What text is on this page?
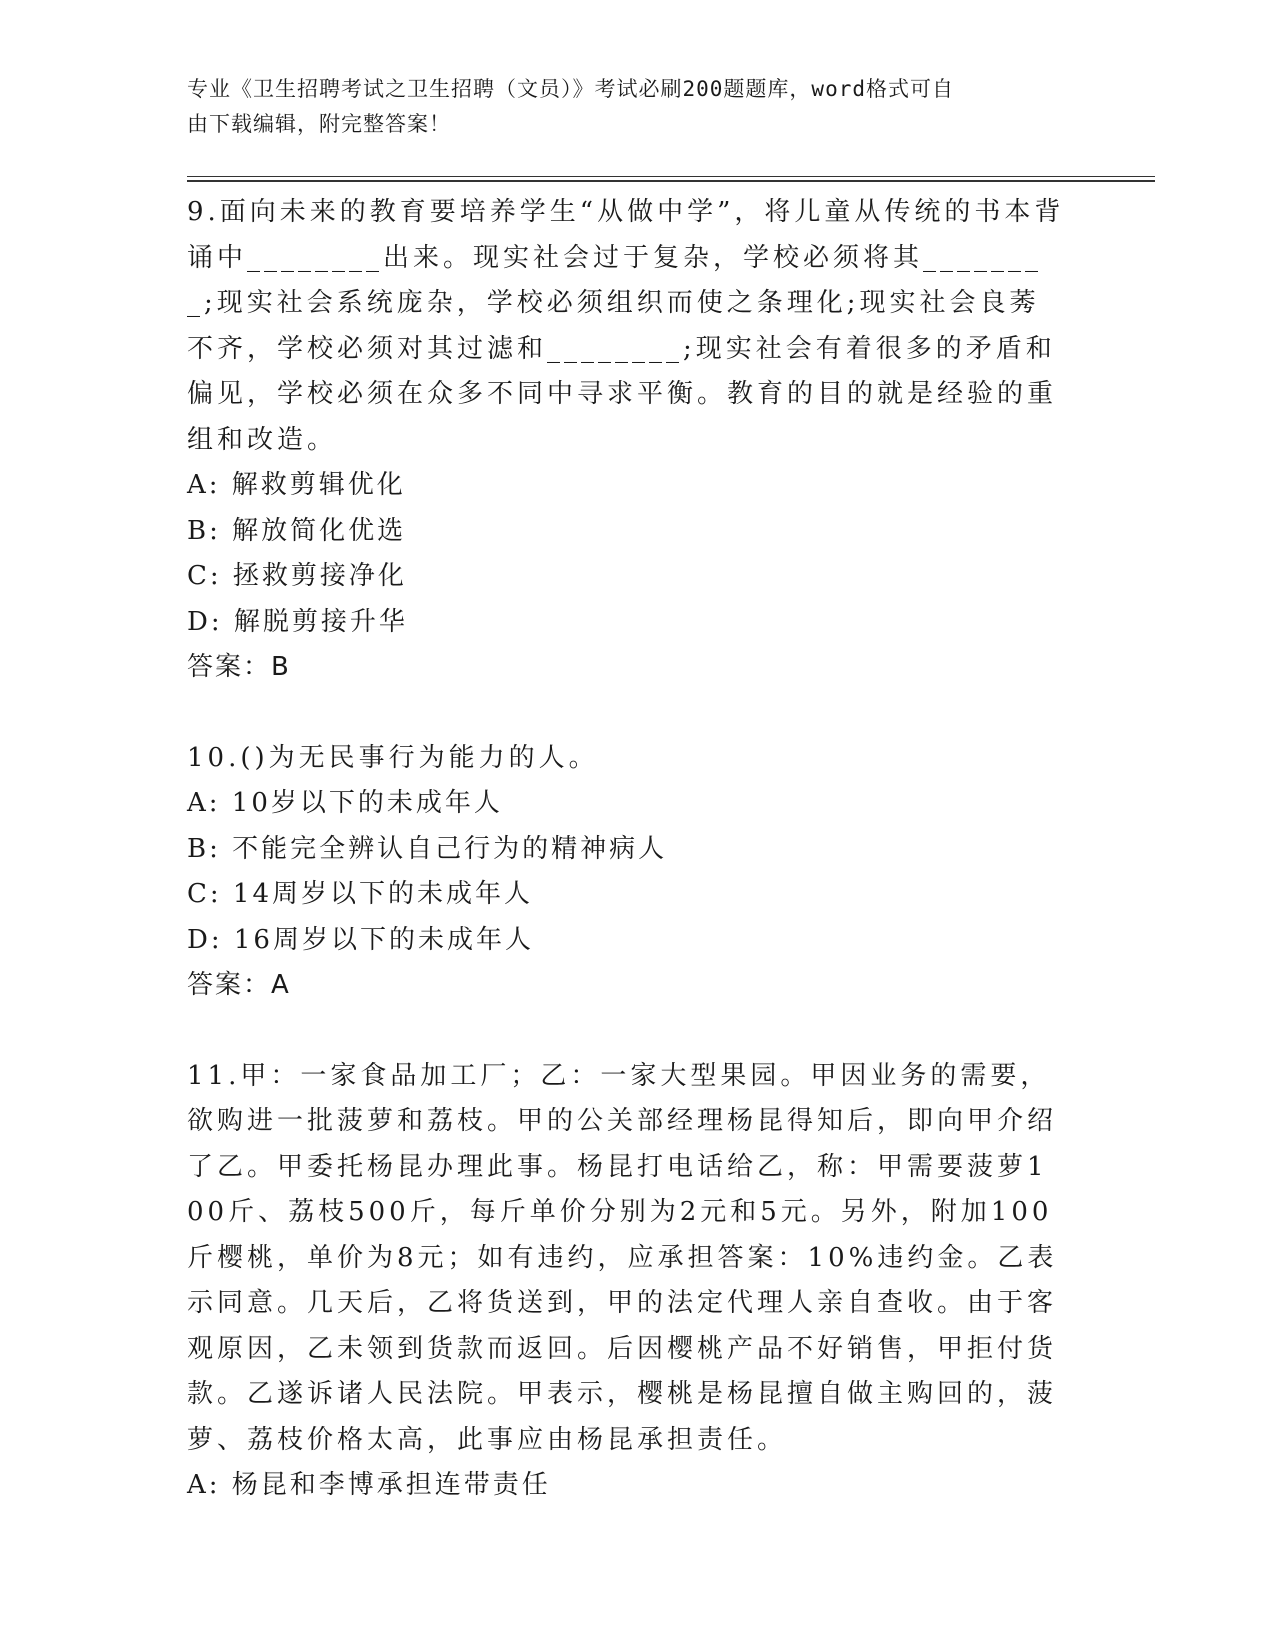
专业《卫生招聘考试之卫生招聘（文员）》考试必刷200题题库，word格式可自
由下载编辑，附完整答案！

9.面向未来的教育要培养学生“从做中学”，将儿童从传统的书本背诵中________出来。现实社会过于复杂，学校必须将其________;现实社会系统庞杂，学校必须组织而使之条理化;现实社会良莠不齐，学校必须对其过滤和________;现实社会有着很多的矛盾和偏见，学校必须在众多不同中寻求平衡。教育的目的就是经验的重组和改造。

A: 解救剪辑优化

B: 解放简化优选

C: 拯救剪接净化

D: 解脱剪接升华

答案：B

10.()为无民事行为能力的人。

A: 10岁以下的未成年人

B: 不能完全辨认自己行为的精神病人

C: 14周岁以下的未成年人

D: 16周岁以下的未成年人

答案：A

11.甲：一家食品加工厂；乙：一家大型果园。甲因业务的需要，欲购进一批菠萝和荔枝。甲的公关部经理杨昆得知后，即向甲介绍了乙。甲委托杨昆办理此事。杨昆打电话给乙，称：甲需要菠萝100斤、荔枝500斤，每斤单价分别为2元和5元。另外，附加100斤樱桃，单价为8元；如有违约，应承担答案：10%违约金。乙表示同意。几天后，乙将货送到，甲的法定代理人亲自查收。由于客观原因，乙未领到货款而返回。后因樱桃产品不好销售，甲拒付货款。乙遂诉诸人民法院。甲表示，樱桃是杨昆擅自做主购回的，菠萝、荔枝价格太高，此事应由杨昆承担责任。

A: 杨昆和李博承担连带责任
